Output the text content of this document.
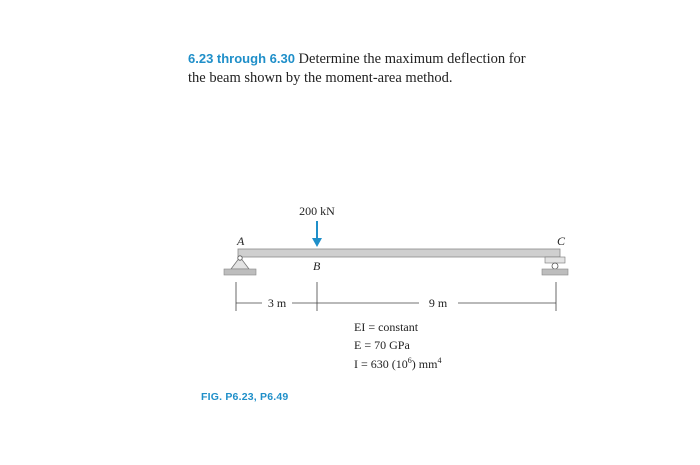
6.23 through 6.30 Determine the maximum deflection for
the beam shown by the moment-area method.
200 kN
A
B
C
3 m	9 m
EI = constant
E = 70 GPa
I = 630 $(10^6)$ $mm^4$
FIG. P6.23, P6.49
